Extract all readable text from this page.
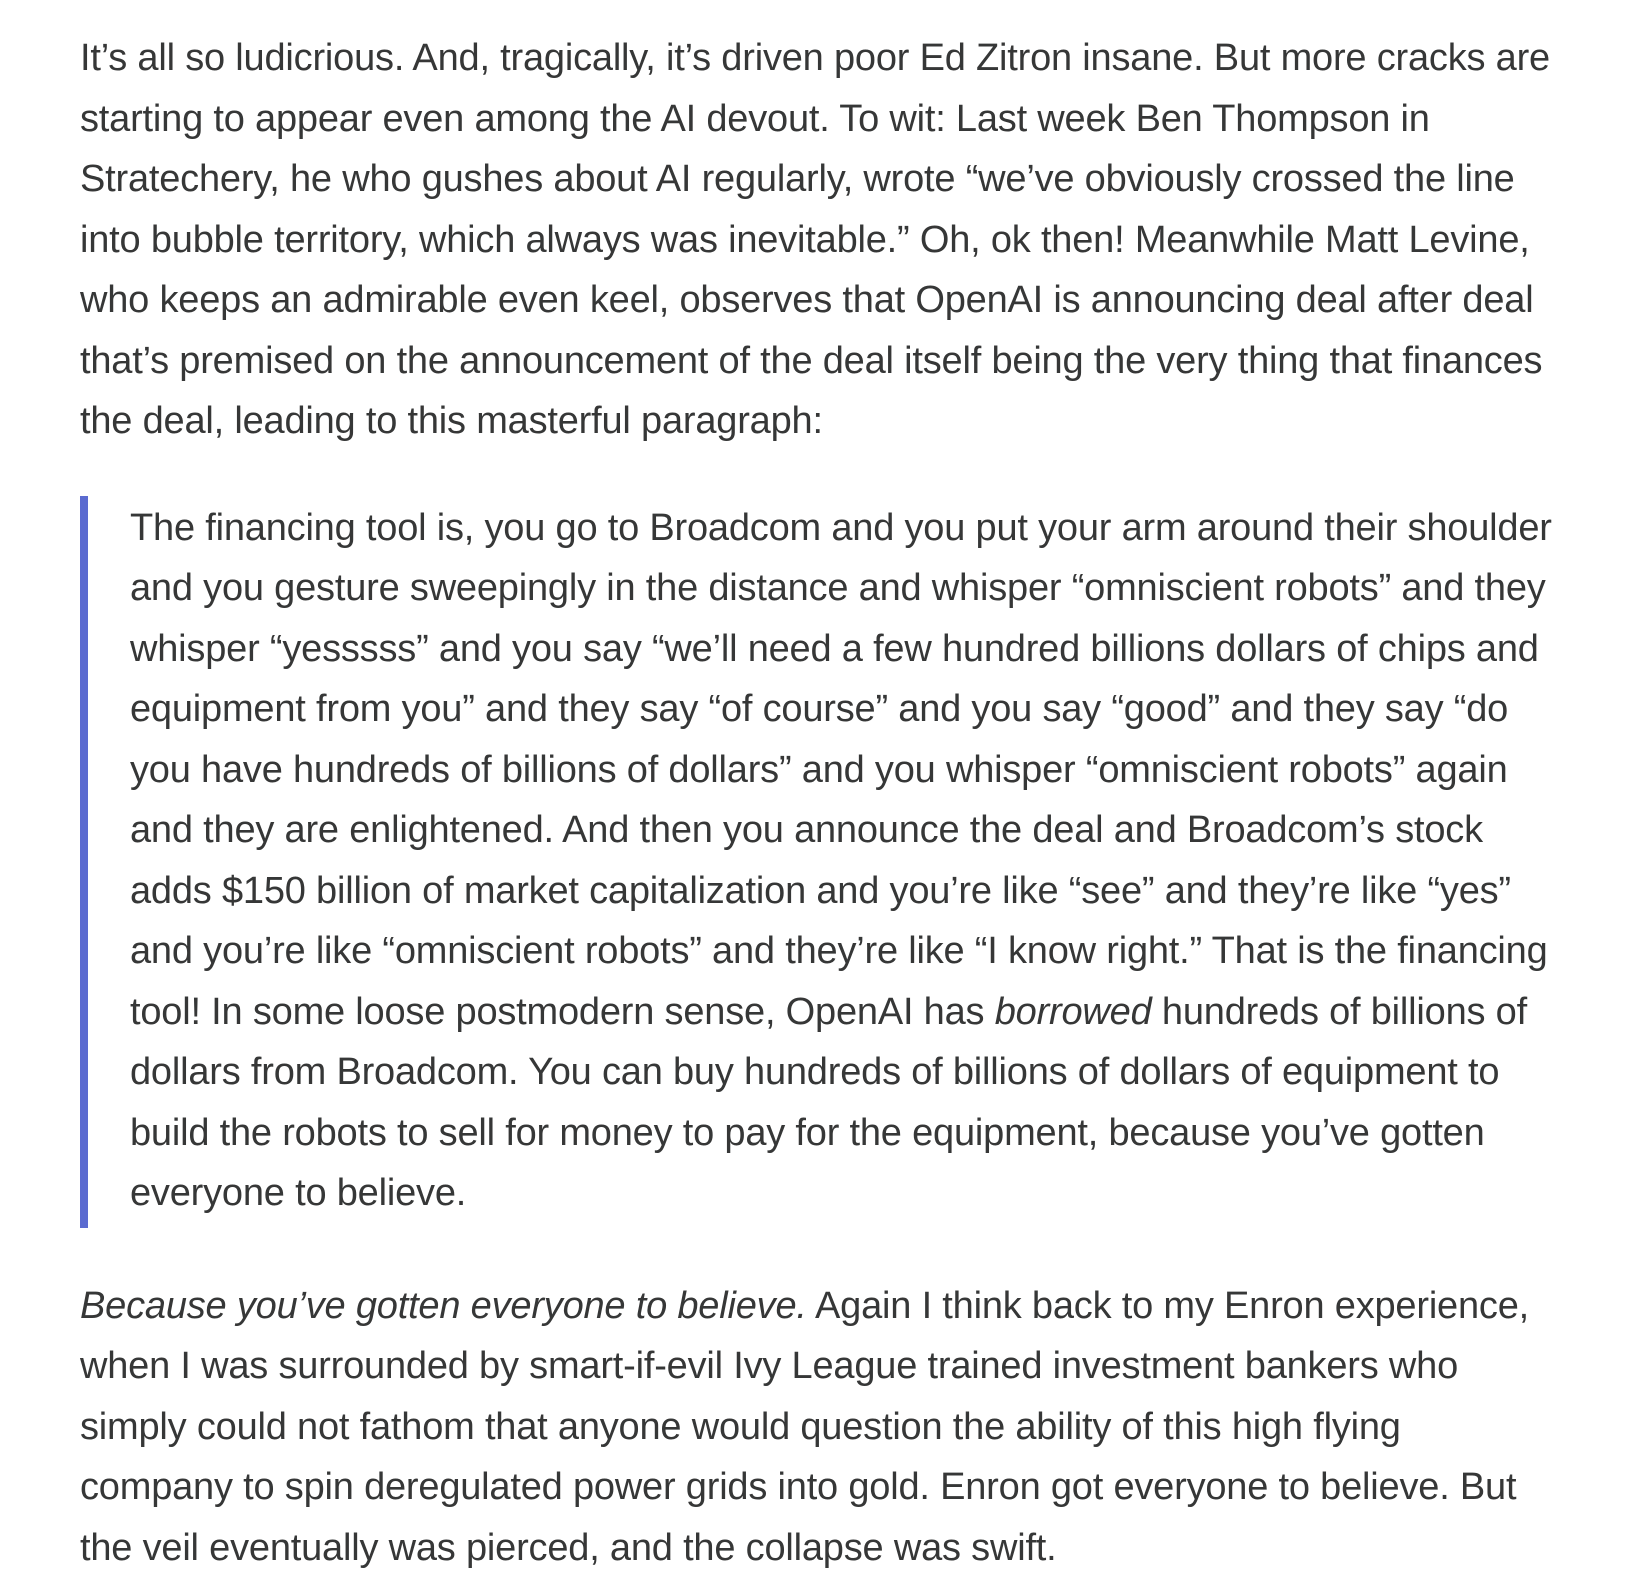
It’s all so ludicrious. And, tragically, it’s driven poor Ed Zitron insane. But more cracks are starting to appear even among the AI devout. To wit: Last week Ben Thompson in Stratechery, he who gushes about AI regularly, wrote “we’ve obviously crossed the line into bubble territory, which always was inevitable.” Oh, ok then! Meanwhile Matt Levine, who keeps an admirable even keel, observes that OpenAI is announcing deal after deal that’s premised on the announcement of the deal itself being the very thing that finances the deal, leading to this masterful paragraph:

The financing tool is, you go to Broadcom and you put your arm around their shoulder and you gesture sweepingly in the distance and whisper “omniscient robots” and they whisper “yesssss” and you say “we’ll need a few hundred billions dollars of chips and equipment from you” and they say “of course” and you say “good” and they say “do you have hundreds of billions of dollars” and you whisper “omniscient robots” again and they are enlightened. And then you announce the deal and Broadcom’s stock adds $150 billion of market capitalization and you’re like “see” and they’re like “yes” and you’re like “omniscient robots” and they’re like “I know right.” That is the financing tool! In some loose postmodern sense, OpenAI has borrowed hundreds of billions of dollars from Broadcom. You can buy hundreds of billions of dollars of equipment to build the robots to sell for money to pay for the equipment, because you’ve gotten everyone to believe.

Because you’ve gotten everyone to believe. Again I think back to my Enron experience, when I was surrounded by smart-if-evil Ivy League trained investment bankers who simply could not fathom that anyone would question the ability of this high flying company to spin deregulated power grids into gold. Enron got everyone to believe. But the veil eventually was pierced, and the collapse was swift.
